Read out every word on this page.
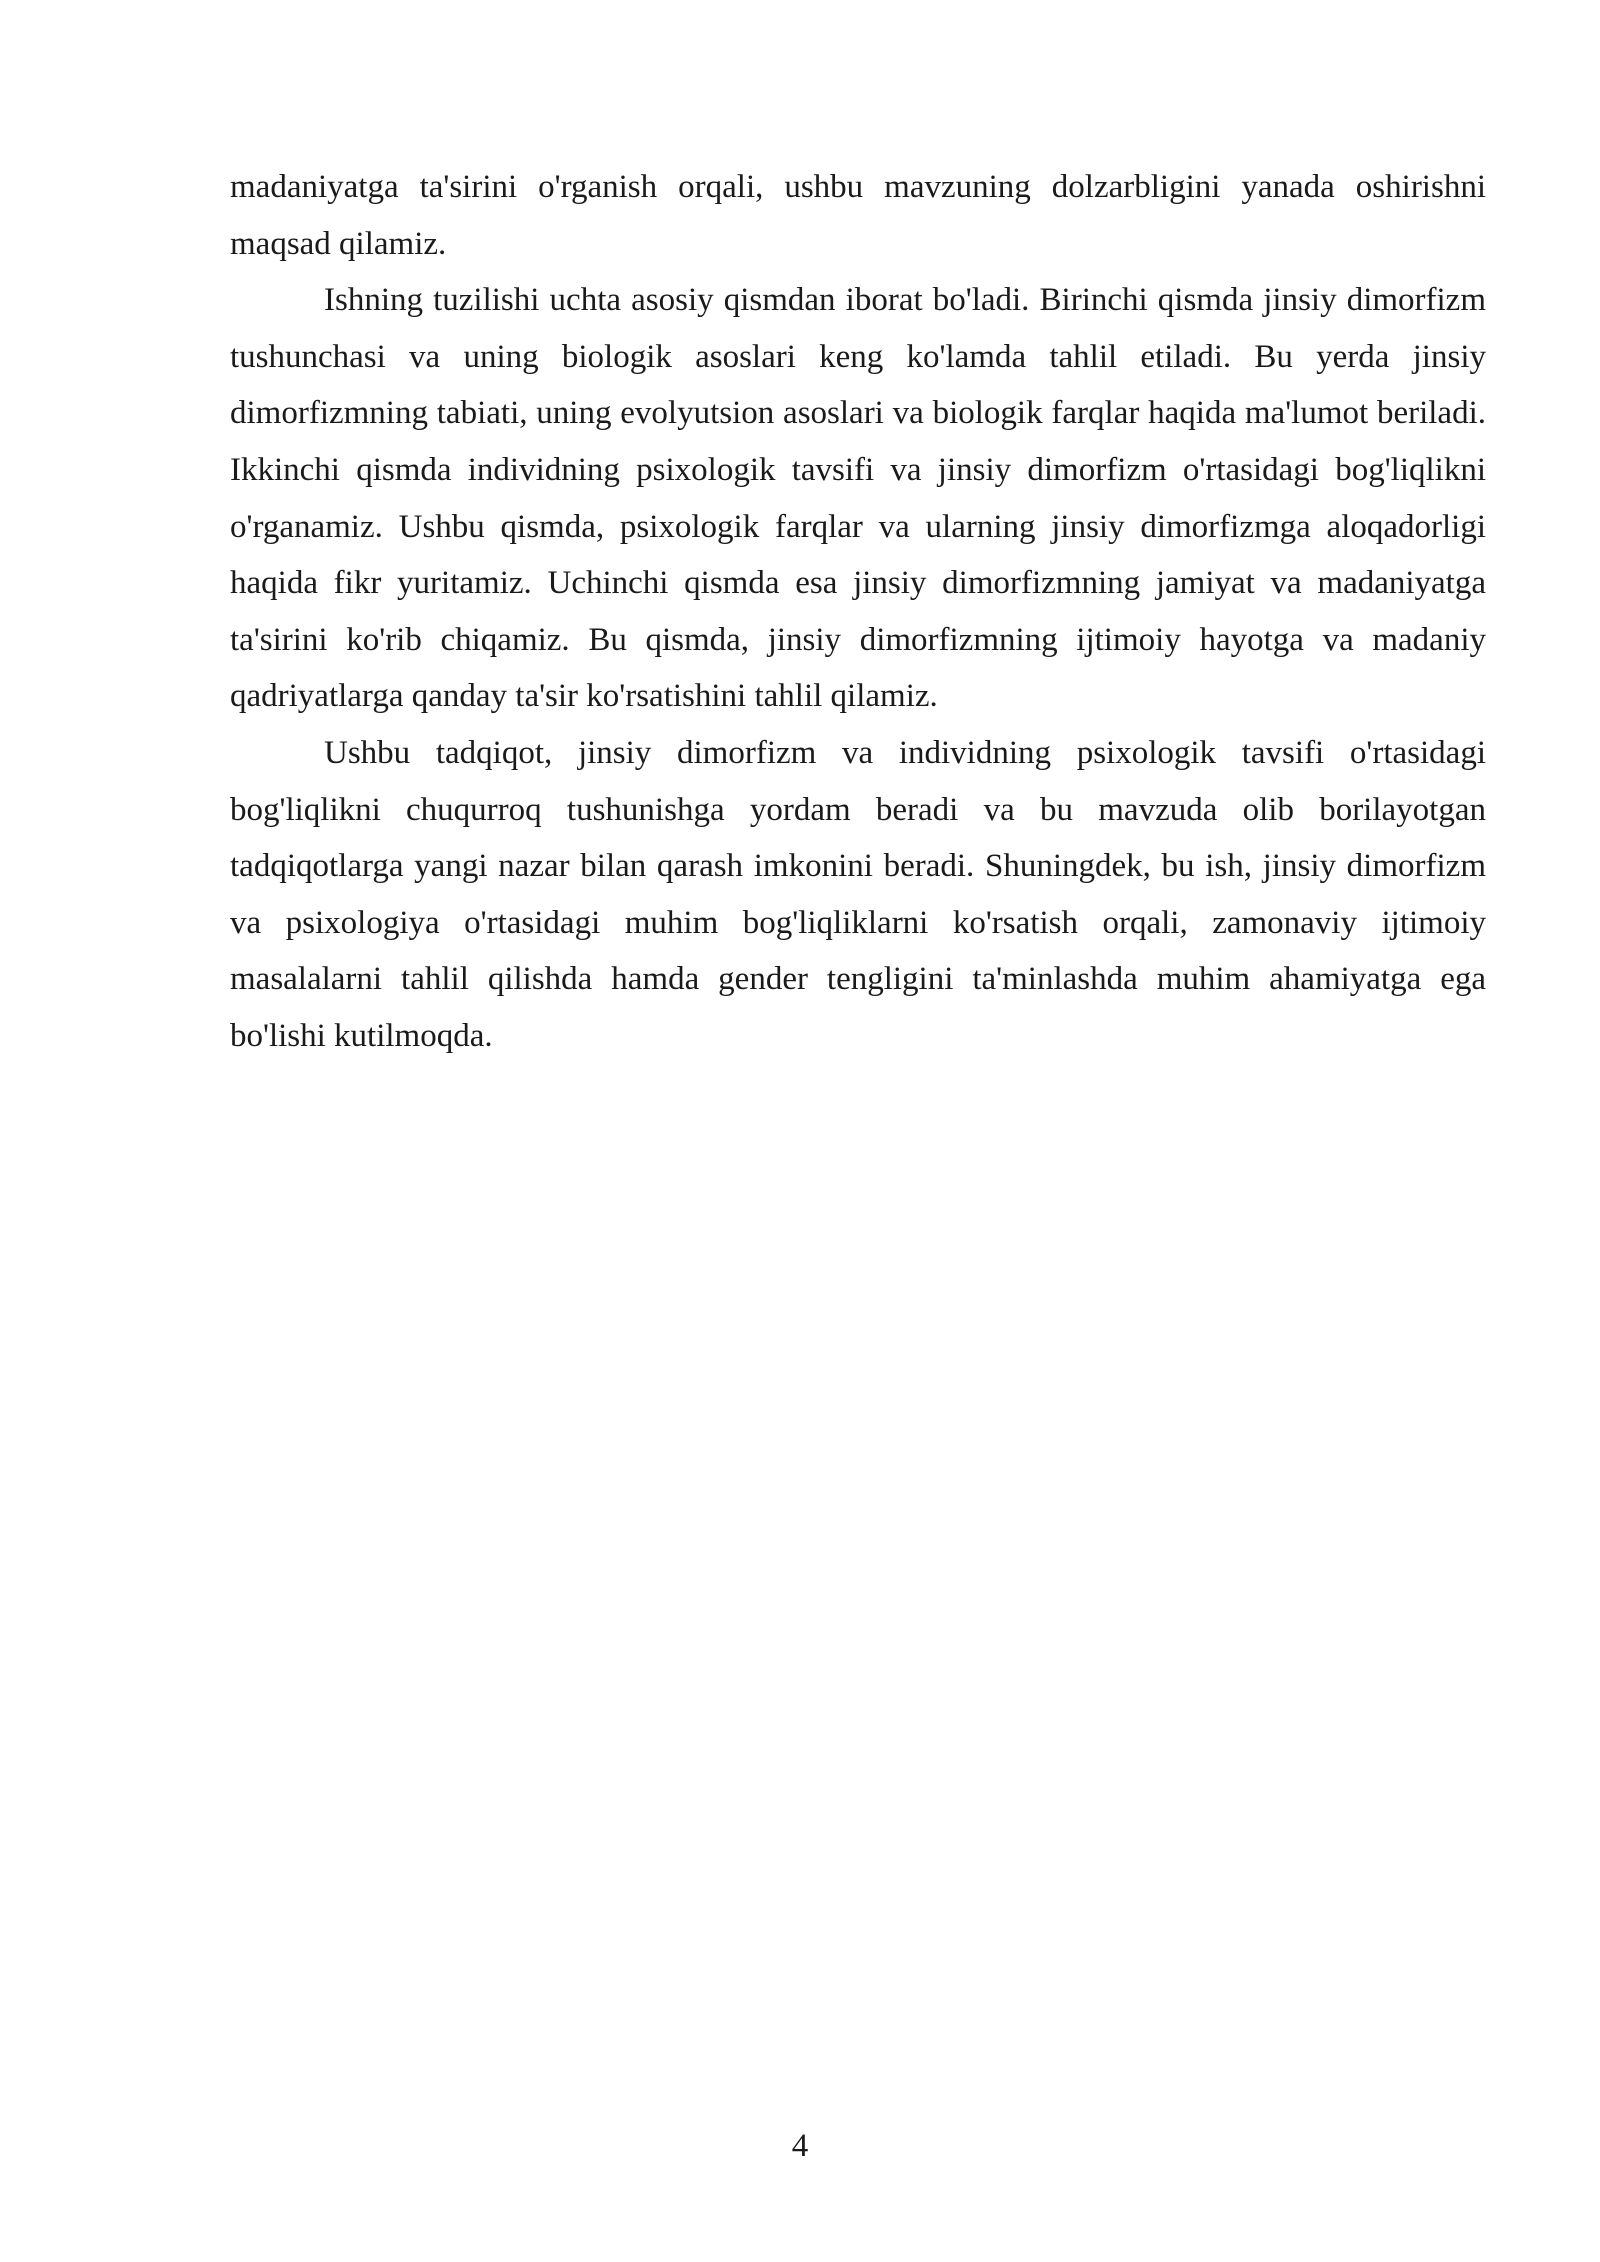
madaniyatga ta'sirini o'rganish orqali, ushbu mavzuning dolzarbligini yanada oshirishni maqsad qilamiz.

Ishning tuzilishi uchta asosiy qismdan iborat bo'ladi. Birinchi qismda jinsiy dimorfizm tushunchasi va uning biologik asoslari keng ko'lamda tahlil etiladi. Bu yerda jinsiy dimorfizmning tabiati, uning evolyutsion asoslari va biologik farqlar haqida ma'lumot beriladi. Ikkinchi qismda individning psixologik tavsifi va jinsiy dimorfizm o'rtasidagi bog'liqlikni o'rganamiz. Ushbu qismda, psixologik farqlar va ularning jinsiy dimorfizmga aloqadorligi haqida fikr yuritamiz. Uchinchi qismda esa jinsiy dimorfizmning jamiyat va madaniyatga ta'sirini ko'rib chiqamiz. Bu qismda, jinsiy dimorfizmning ijtimoiy hayotga va madaniy qadriyatlarga qanday ta'sir ko'rsatishini tahlil qilamiz.

Ushbu tadqiqot, jinsiy dimorfizm va individning psixologik tavsifi o'rtasidagi bog'liqlikni chuqurroq tushunishga yordam beradi va bu mavzuda olib borilayotgan tadqiqotlarga yangi nazar bilan qarash imkonini beradi. Shuningdek, bu ish, jinsiy dimorfizm va psixologiya o'rtasidagi muhim bog'liqliklarni ko'rsatish orqali, zamonaviy ijtimoiy masalalarni tahlil qilishda hamda gender tengligini ta'minlashda muhim ahamiyatga ega bo'lishi kutilmoqda.

4
